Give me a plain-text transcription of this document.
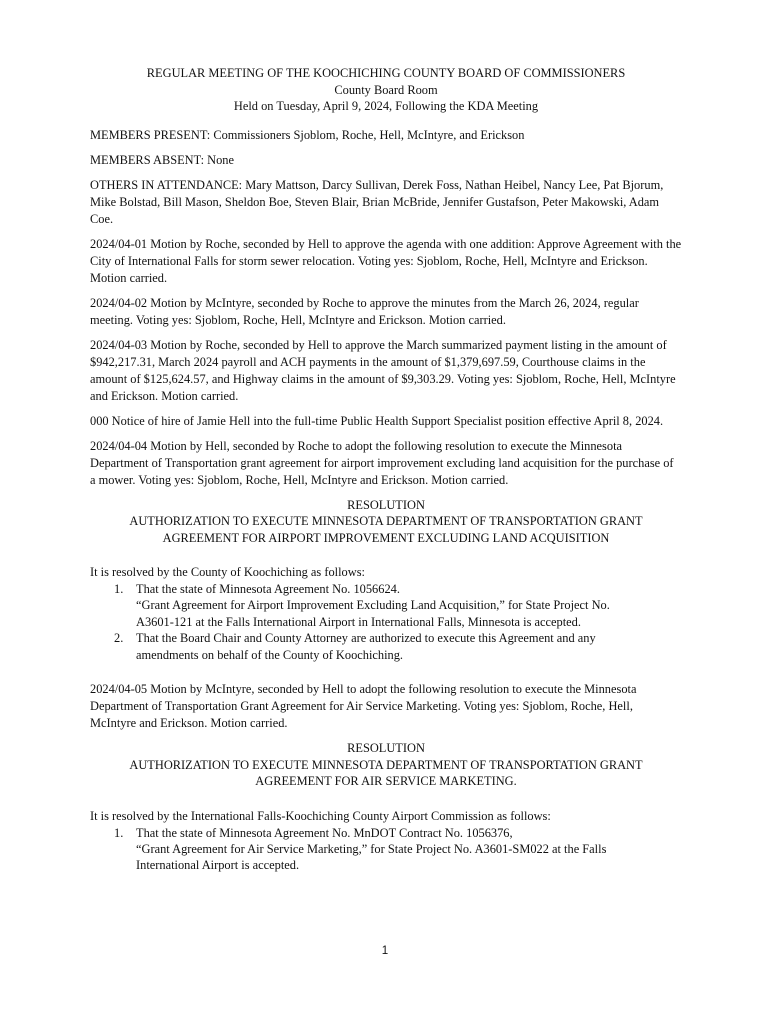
REGULAR MEETING OF THE KOOCHICHING COUNTY BOARD OF COMMISSIONERS
County Board Room
Held on Tuesday, April 9, 2024, Following the KDA Meeting

MEMBERS PRESENT: Commissioners Sjoblom, Roche, Hell, McIntyre, and Erickson

MEMBERS ABSENT: None

OTHERS IN ATTENDANCE: Mary Mattson, Darcy Sullivan, Derek Foss, Nathan Heibel, Nancy Lee, Pat Bjorum, Mike Bolstad, Bill Mason, Sheldon Boe, Steven Blair, Brian McBride, Jennifer Gustafson, Peter Makowski, Adam Coe.

2024/04-01 Motion by Roche, seconded by Hell to approve the agenda with one addition: Approve Agreement with the City of International Falls for storm sewer relocation. Voting yes: Sjoblom, Roche, Hell, McIntyre and Erickson. Motion carried.

2024/04-02 Motion by McIntyre, seconded by Roche to approve the minutes from the March 26, 2024, regular meeting. Voting yes: Sjoblom, Roche, Hell, McIntyre and Erickson. Motion carried.

2024/04-03 Motion by Roche, seconded by Hell to approve the March summarized payment listing in the amount of $942,217.31, March 2024 payroll and ACH payments in the amount of $1,379,697.59, Courthouse claims in the amount of $125,624.57, and Highway claims in the amount of $9,303.29. Voting yes: Sjoblom, Roche, Hell, McIntyre and Erickson. Motion carried.

000 Notice of hire of Jamie Hell into the full-time Public Health Support Specialist position effective April 8, 2024.

2024/04-04 Motion by Hell, seconded by Roche to adopt the following resolution to execute the Minnesota Department of Transportation grant agreement for airport improvement excluding land acquisition for the purchase of a mower. Voting yes: Sjoblom, Roche, Hell, McIntyre and Erickson. Motion carried.

RESOLUTION
AUTHORIZATION TO EXECUTE MINNESOTA DEPARTMENT OF TRANSPORTATION GRANT
AGREEMENT FOR AIRPORT IMPROVEMENT EXCLUDING LAND ACQUISITION
It is resolved by the County of Koochiching as follows:
1. That the state of Minnesota Agreement No. 1056624.
“Grant Agreement for Airport Improvement Excluding Land Acquisition,” for State Project No.
A3601-121 at the Falls International Airport in International Falls, Minnesota is accepted.
2. That the Board Chair and County Attorney are authorized to execute this Agreement and any
amendments on behalf of the County of Koochiching.

2024/04-05 Motion by McIntyre, seconded by Hell to adopt the following resolution to execute the Minnesota Department of Transportation Grant Agreement for Air Service Marketing. Voting yes: Sjoblom, Roche, Hell, McIntyre and Erickson. Motion carried.

RESOLUTION
AUTHORIZATION TO EXECUTE MINNESOTA DEPARTMENT OF TRANSPORTATION GRANT
AGREEMENT FOR AIR SERVICE MARKETING.
It is resolved by the International Falls-Koochiching County Airport Commission as follows:
1. That the state of Minnesota Agreement No. MnDOT Contract No. 1056376,
“Grant Agreement for Air Service Marketing,” for State Project No. A3601-SM022 at the Falls
International Airport is accepted.
1
